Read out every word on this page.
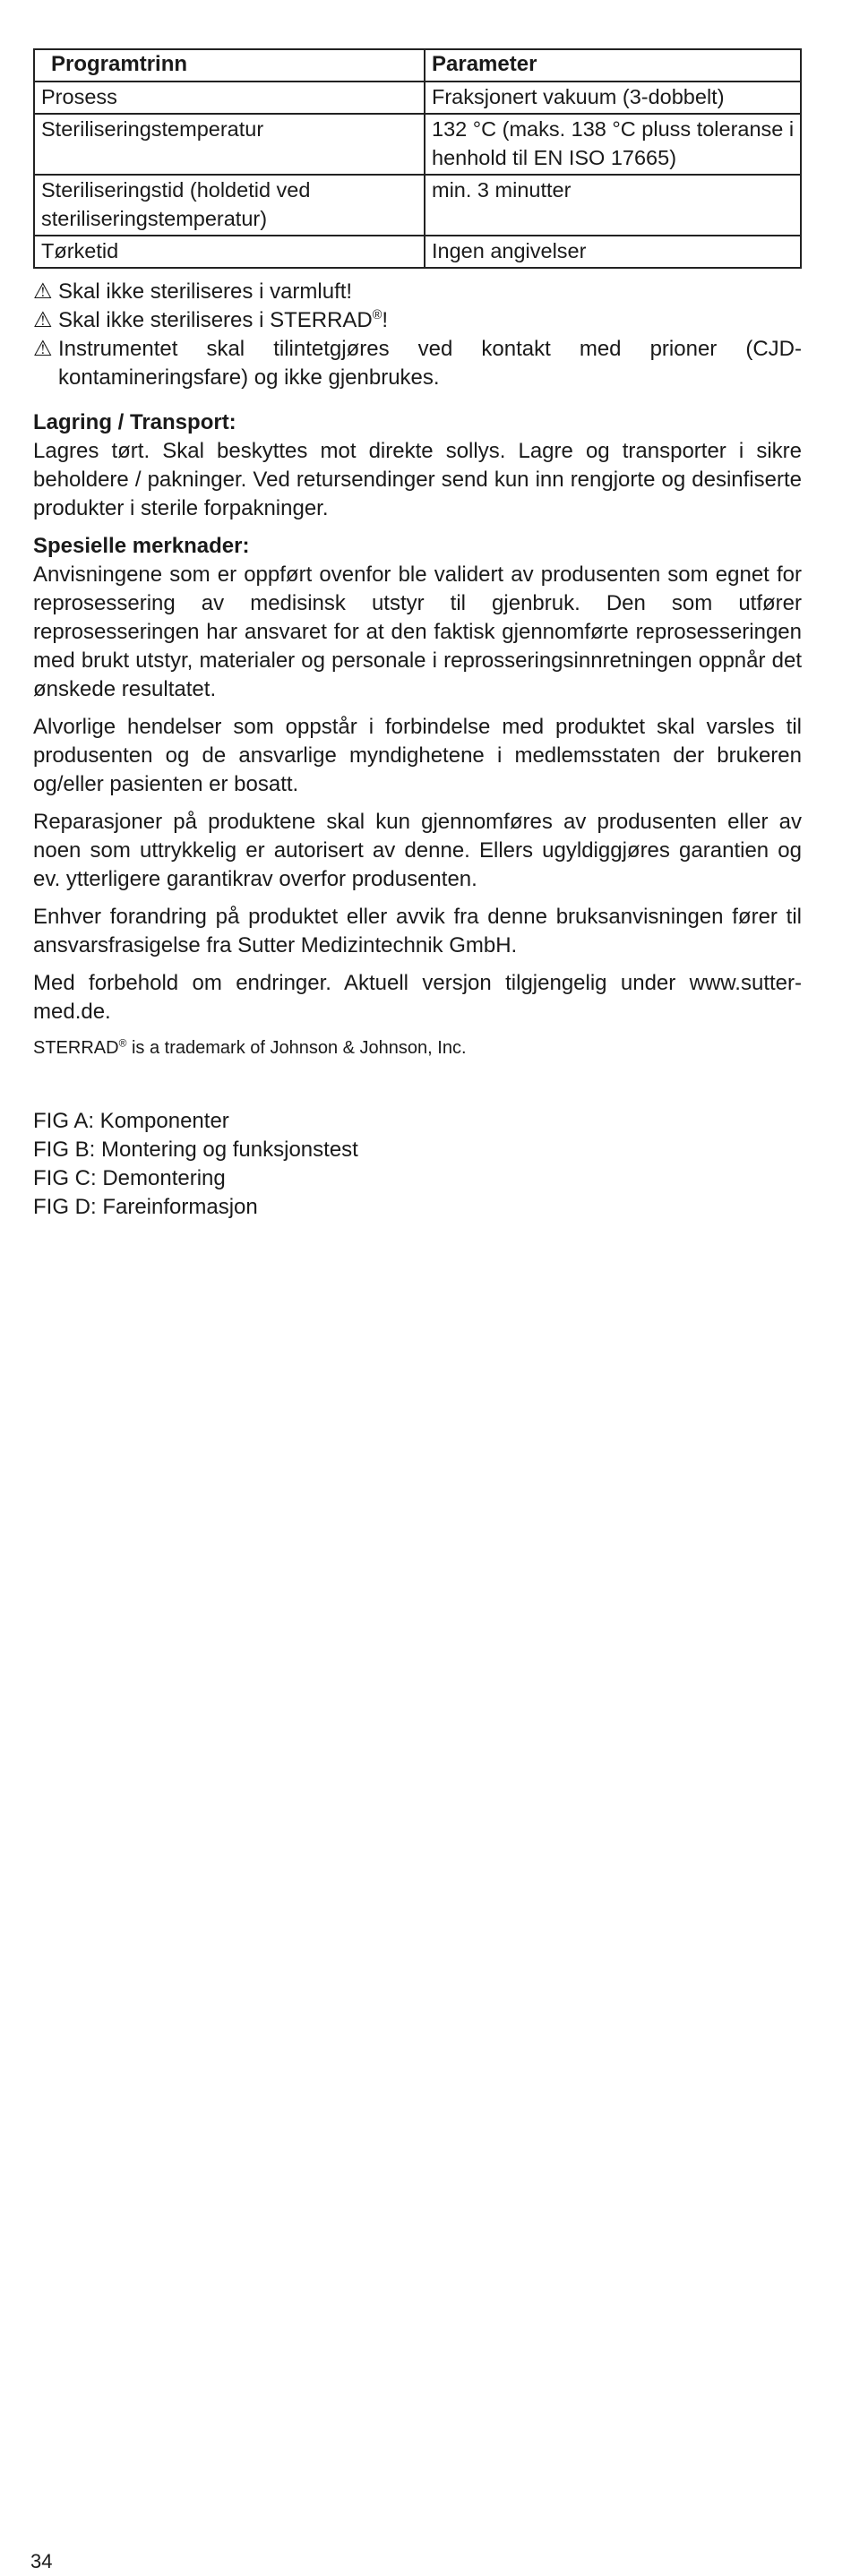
Programtrinn	Parameter
Prosess	Fraksjonert vakuum (3-dobbelt)
Steriliseringstemperatur	132 °C (maks. 138 °C pluss toleranse i henhold til EN ISO 17665)
Steriliseringstid (holdetid ved steriliseringstemperatur)	min. 3 minutter
Tørketid	Ingen angivelser
⚠ Skal ikke steriliseres i varmluft!
⚠ Skal ikke steriliseres i STERRAD®!
⚠ Instrumentet skal tilintetgjøres ved kontakt med prioner (CJD-kontamineringsfare) og ikke gjenbrukes.
Lagring / Transport:

Lagres tørt. Skal beskyttes mot direkte sollys. Lagre og transporter i sikre beholdere / pakninger. Ved retursendinger send kun inn rengjorte og desinfiserte produkter i sterile forpakninger.

Spesielle merknader:

Anvisningene som er oppført ovenfor ble validert av produsenten som egnet for reprosessering av medisinsk utstyr til gjenbruk. Den som utfører reprosesseringen har ansvaret for at den faktisk gjennomførte reprosesseringen med brukt utstyr, materialer og personale i reprosseringsinnretningen oppnår det ønskede resultatet.

Alvorlige hendelser som oppstår i forbindelse med produktet skal varsles til produsenten og de ansvarlige myndighetene i medlemsstaten der brukeren og/eller pasienten er bosatt.

Reparasjoner på produktene skal kun gjennomføres av produsenten eller av noen som uttrykkelig er autorisert av denne. Ellers ugyldiggjøres garantien og ev. ytterligere garantikrav overfor produsenten.

Enhver forandring på produktet eller avvik fra denne bruksanvisningen fører til ansvarsfrasigelse fra Sutter Medizintechnik GmbH.

Med forbehold om endringer. Aktuell versjon tilgjengelig under www.sutter-med.de.

STERRAD® is a trademark of Johnson & Johnson, Inc.

FIG A: Komponenter
FIG B: Montering og funksjonstest
FIG C: Demontering
FIG D: Fareinformasjon
34
